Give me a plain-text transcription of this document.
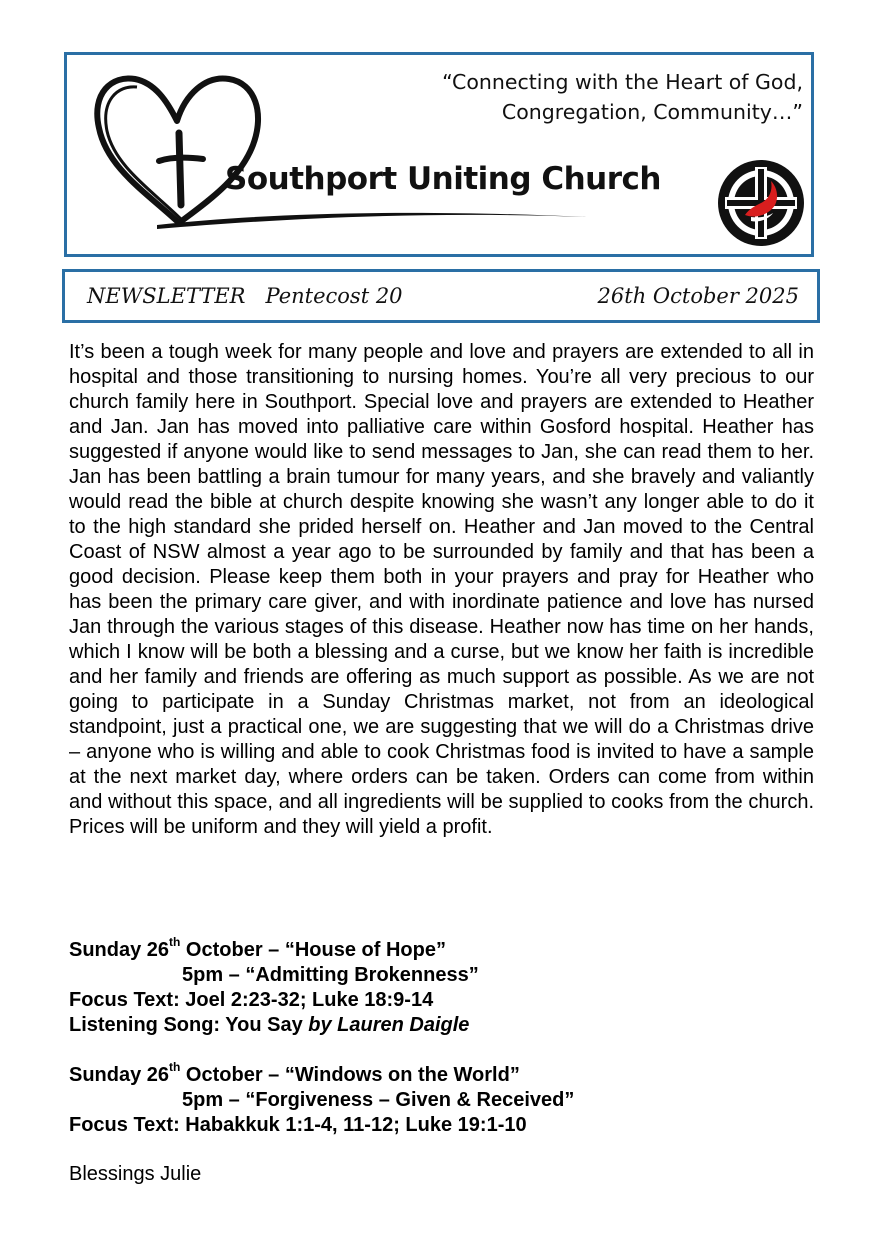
“Connecting with the Heart of God,
Congregation, Community…”
Southport Uniting Church
NEWSLETTER   Pentecost 20	26th October 2025
It’s been a tough week for many people and love and prayers are extended to all in hospital and those transitioning to nursing homes. You’re all very precious to our church family here in Southport. Special love and prayers are extended to Heather and Jan. Jan has moved into palliative care within Gosford hospital. Heather has suggested if anyone would like to send messages to Jan, she can read them to her. Jan has been battling a brain tumour for many years, and she bravely and valiantly would read the bible at church despite knowing she wasn’t any longer able to do it to the high standard she prided herself on. Heather and Jan moved to the Central Coast of NSW almost a year ago to be surrounded by family and that has been a good decision. Please keep them both in your prayers and pray for Heather who has been the primary care giver, and with inordinate patience and love has nursed Jan through the various stages of this disease. Heather now has time on her hands, which I know will be both a blessing and a curse, but we know her faith is incredible and her family and friends are offering as much support as possible. As we are not going to participate in a Sunday Christmas market, not from an ideological standpoint, just a practical one, we are suggesting that we will do a Christmas drive – anyone who is willing and able to cook Christmas food is invited to have a sample at the next market day, where orders can be taken. Orders can come from within and without this space, and all ingredients will be supplied to cooks from the church. Prices will be uniform and they will yield a profit.
Sunday 26th October – “House of Hope”
5pm – “Admitting Brokenness”
Focus Text: Joel 2:23-32; Luke 18:9-14
Listening Song: You Say by Lauren Daigle
Sunday 26th October – “Windows on the World”
5pm – “Forgiveness – Given & Received”
Focus Text: Habakkuk 1:1-4, 11-12; Luke 19:1-10
Blessings Julie
